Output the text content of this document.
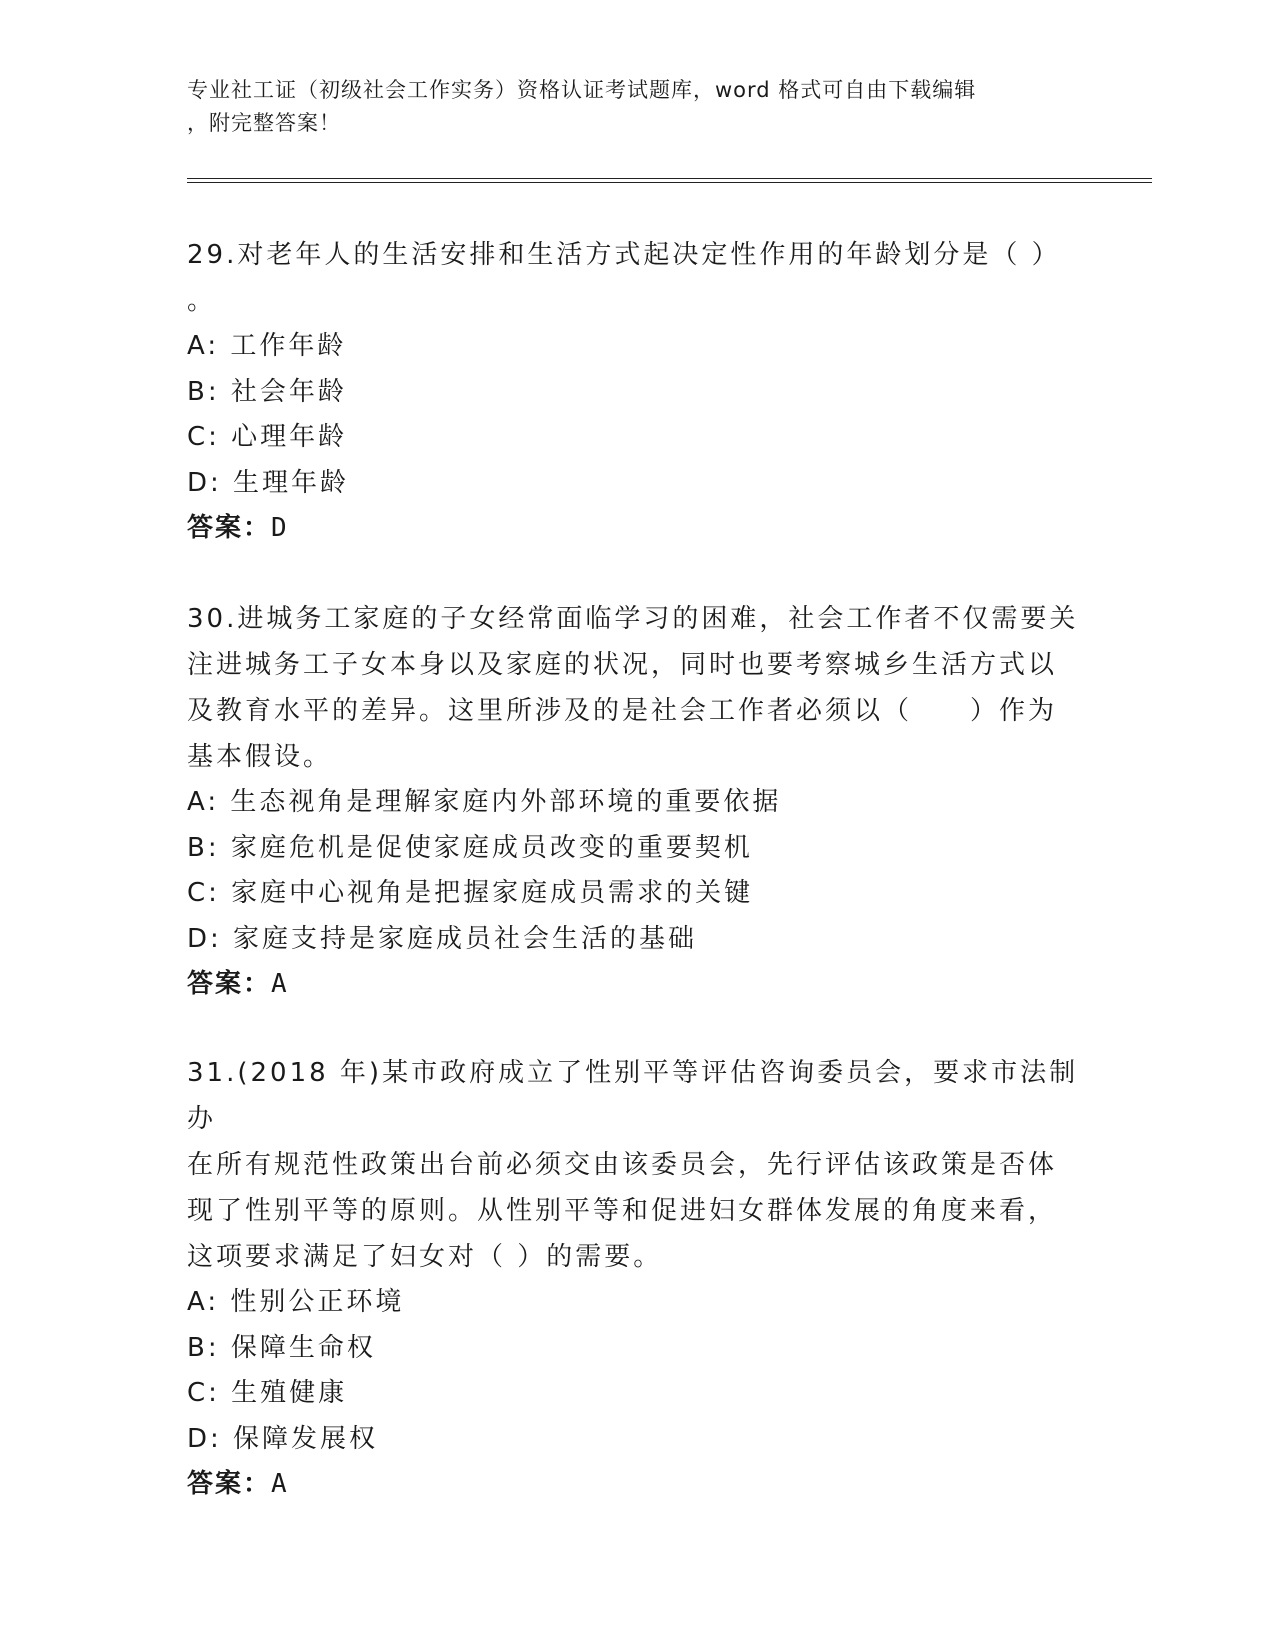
专业社工证（初级社会工作实务）资格认证考试题库，word 格式可自由下载编辑
，附完整答案！

29.对老年人的生活安排和生活方式起决定性作用的年龄划分是（ ）

。

A: 工作年龄

B: 社会年龄

C: 心理年龄

D: 生理年龄

答案：D

30.进城务工家庭的子女经常面临学习的困难，社会工作者不仅需要关

注进城务工子女本身以及家庭的状况，同时也要考察城乡生活方式以

及教育水平的差异。这里所涉及的是社会工作者必须以（　　）作为

基本假设。

A: 生态视角是理解家庭内外部环境的重要依据

B: 家庭危机是促使家庭成员改变的重要契机

C: 家庭中心视角是把握家庭成员需求的关键

D: 家庭支持是家庭成员社会生活的基础

答案：A

31.(2018 年)某市政府成立了性别平等评估咨询委员会，要求市法制办

在所有规范性政策出台前必须交由该委员会，先行评估该政策是否体

现了性别平等的原则。从性别平等和促进妇女群体发展的角度来看，

这项要求满足了妇女对（ ）的需要。

A: 性别公正环境

B: 保障生命权

C: 生殖健康

D: 保障发展权

答案：A
